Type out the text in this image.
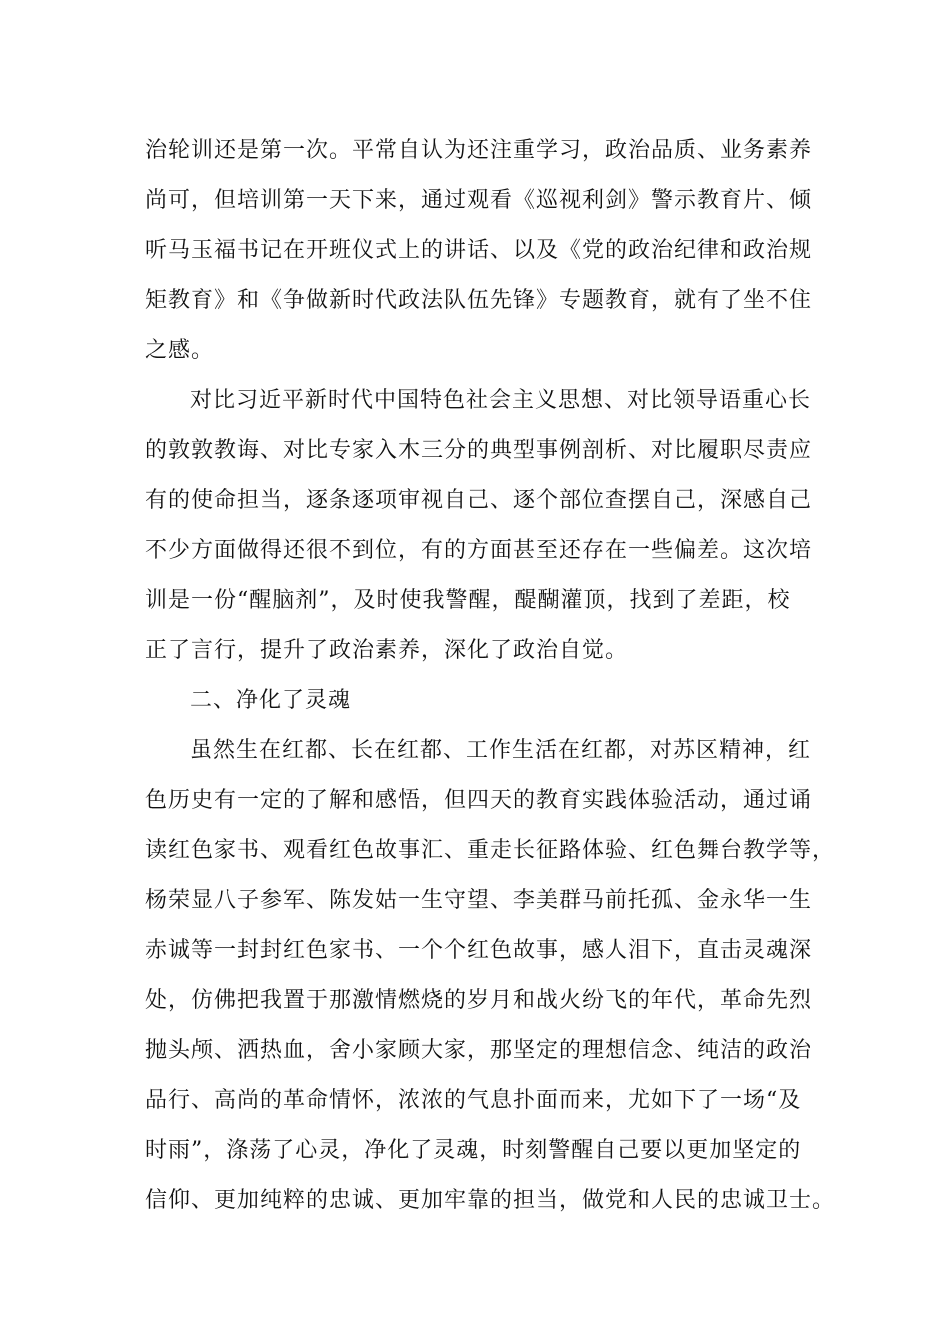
治轮训还是第一次。平常自认为还注重学习，政治品质、业务素养
尚可，但培训第一天下来，通过观看《巡视利剑》警示教育片、倾
听马玉福书记在开班仪式上的讲话、以及《党的政治纪律和政治规
矩教育》和《争做新时代政法队伍先锋》专题教育，就有了坐不住
之感。
对比习近平新时代中国特色社会主义思想、对比领导语重心长
的敦敦教诲、对比专家入木三分的典型事例剖析、对比履职尽责应
有的使命担当，逐条逐项审视自己、逐个部位查摆自己，深感自己
不少方面做得还很不到位，有的方面甚至还存在一些偏差。这次培
训是一份“醒脑剂”，及时使我警醒，醍醐灌顶，找到了差距，校
正了言行，提升了政治素养，深化了政治自觉。
二、净化了灵魂
虽然生在红都、长在红都、工作生活在红都，对苏区精神，红
色历史有一定的了解和感悟，但四天的教育实践体验活动，通过诵
读红色家书、观看红色故事汇、重走长征路体验、红色舞台教学等，
杨荣显八子参军、陈发姑一生守望、李美群马前托孤、金永华一生
赤诚等一封封红色家书、一个个红色故事，感人泪下，直击灵魂深
处，仿佛把我置于那激情燃烧的岁月和战火纷飞的年代，革命先烈
抛头颅、洒热血，舍小家顾大家，那坚定的理想信念、纯洁的政治
品行、高尚的革命情怀，浓浓的气息扑面而来，尤如下了一场“及
时雨”，涤荡了心灵，净化了灵魂，时刻警醒自己要以更加坚定的
信仰、更加纯粹的忠诚、更加牢靠的担当，做党和人民的忠诚卫士。
